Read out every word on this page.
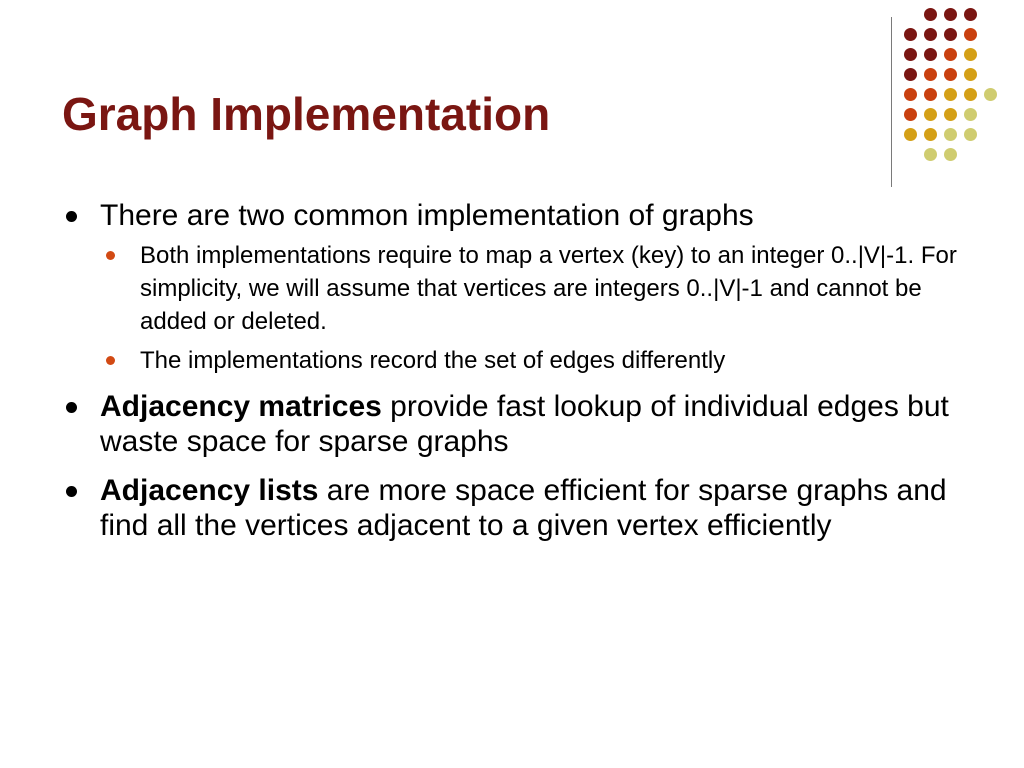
Graph Implementation
There are two common implementation of graphs
Both implementations require to map a vertex (key) to an integer 0..|V|-1. For simplicity, we will assume that vertices are integers 0..|V|-1 and cannot be added or deleted.
The implementations record the set of edges differently
Adjacency matrices provide fast lookup of individual edges but waste space for sparse graphs
Adjacency lists are more space efficient for sparse graphs and find all the vertices adjacent to a given vertex efficiently
